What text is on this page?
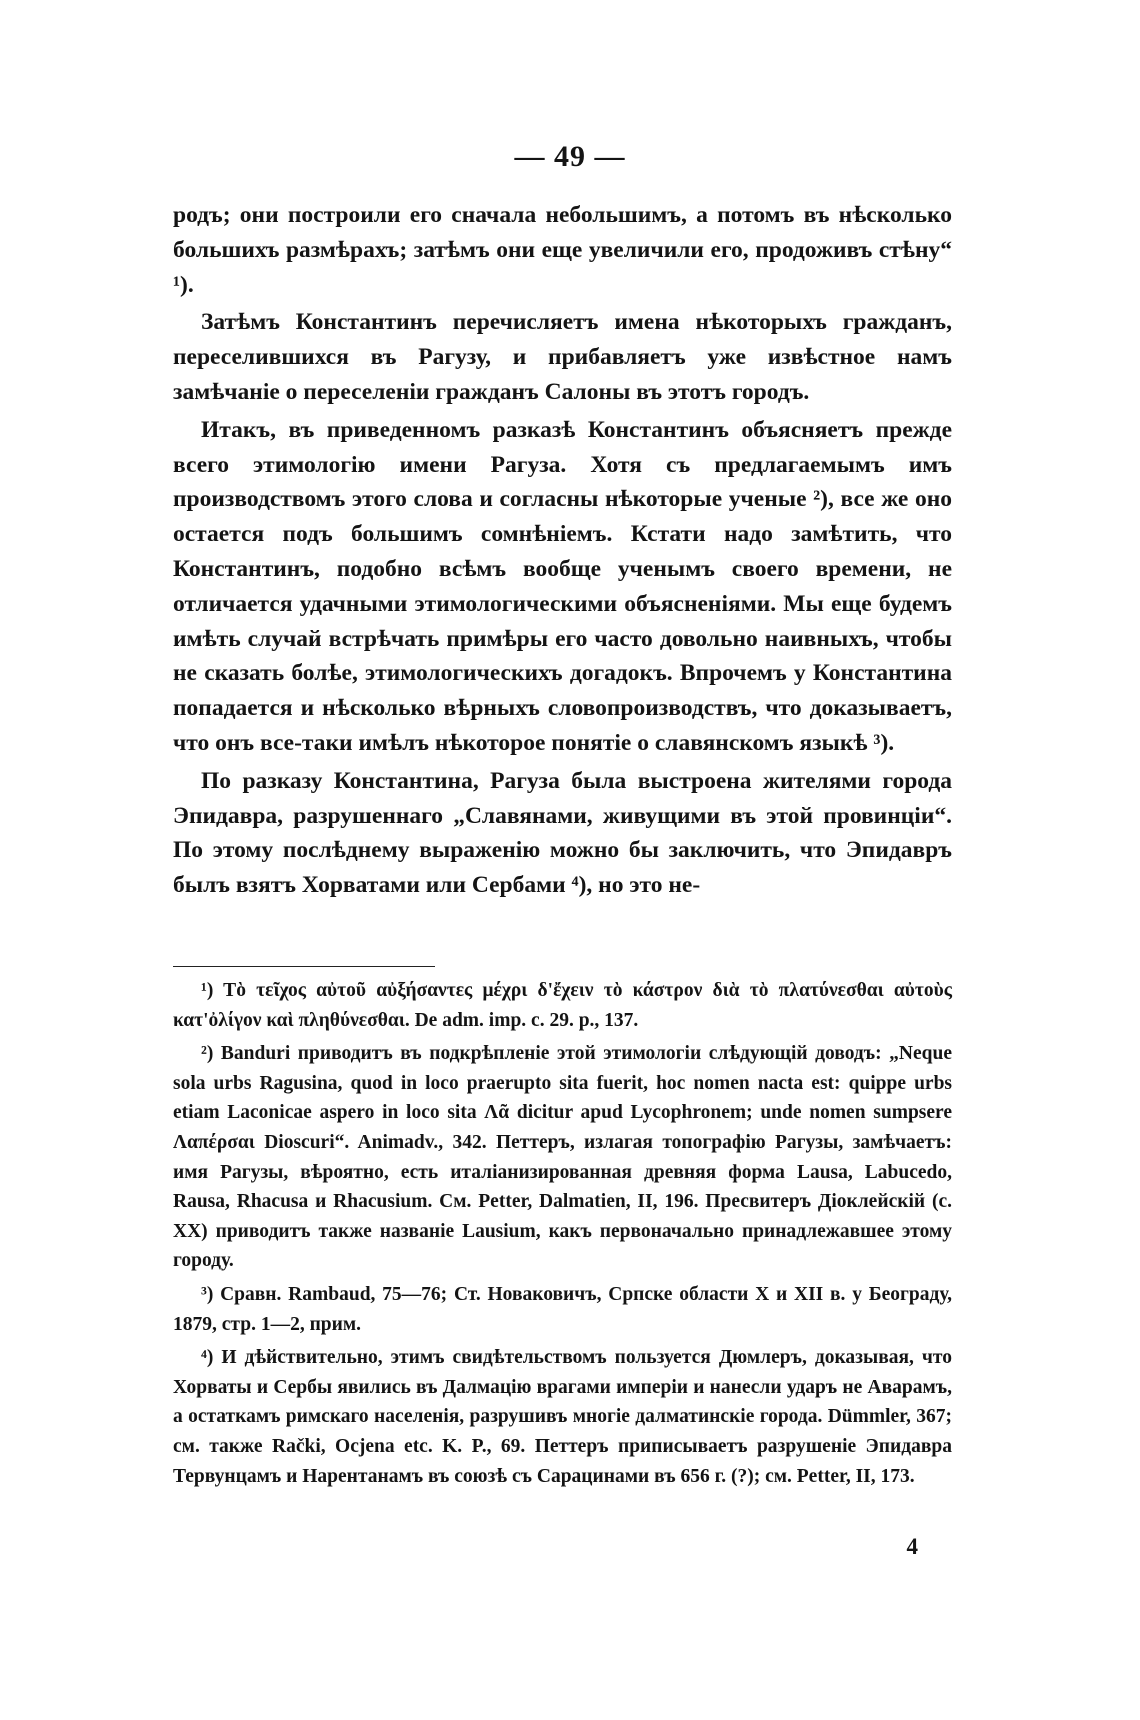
— 49 —

родъ; они построили его сначала небольшимъ, а потомъ въ нѣсколько большихъ размѣрахъ; затѣмъ они еще увеличили его, продоживъ стѣну“ ¹).

Затѣмъ Константинъ перечисляетъ имена нѣкоторыхъ гражданъ, переселившихся въ Рагузу, и прибавляетъ уже извѣстное намъ замѣчаніе о переселеніи гражданъ Салоны въ этотъ городъ.

Итакъ, въ приведенномъ разказѣ Константинъ объясняетъ прежде всего этимологію имени Рагуза. Хотя съ предлагаемымъ имъ производствомъ этого слова и согласны нѣкоторые ученые ²), все же оно остается подъ большимъ сомнѣніемъ. Кстати надо замѣтить, что Константинъ, подобно всѣмъ вообще ученымъ своего времени, не отличается удачными этимологическими объясненіями. Мы еще будемъ имѣть случай встрѣчать примѣры его часто довольно наивныхъ, чтобы не сказать болѣе, этимологическихъ догадокъ. Впрочемъ у Константина попадается и нѣсколько вѣрныхъ словопроизводствъ, что доказываетъ, что онъ все-таки имѣлъ нѣкоторое понятіе о славянскомъ языкѣ ³).

По разказу Константина, Рагуза была выстроена жителями города Эпидавра, разрушеннаго „Славянами, живущими въ этой провинціи“. По этому послѣднему выраженію можно бы заключить, что Эпидавръ былъ взятъ Хорватами или Сербами ⁴), но это не-

¹) Τὸ τεῖχος αὐτοῦ αὐξήσαντες μέχρι δ'ἔχειν τὸ κάστρον διὰ τὸ πλατύνεσθαι αὐτοὺς κατ'ὀλίγον καὶ πληθύνεσθαι. De adm. imp. c. 29. p., 137.

²) Banduri приводитъ въ подкрѣпленіе этой этимологіи слѣдующій доводъ: „Neque sola urbs Ragusina, quod in loco praerupto sita fuerit, hoc nomen nacta est: quippe urbs etiam Laconicae aspero in loco sita Λᾶ dicitur apud Lycophronem; unde nomen sumpsere Λαπέρσαι Dioscuri“. Animadv., 342. Петтеръ, излагая топографію Рагузы, замѣчаетъ: имя Рагузы, вѣроятно, есть италіанизированная древняя форма Lausa, Labucedo, Rausa, Rhacusa и Rhacusium. См. Petter, Dalmatien, II, 196. Пресвитеръ Діоклейскій (c. XX) приводитъ также названіе Lausium, какъ первоначально принадлежавшее этому городу.

³) Сравн. Rambaud, 75—76; Ст. Новаковичъ, Српске области X и XII в. у Београду, 1879, стр. 1—2, прим.

⁴) И дѣйствительно, этимъ свидѣтельствомъ пользуется Дюмлеръ, доказывая, что Хорваты и Сербы явились въ Далмацію врагами имперіи и нанесли ударъ не Аварамъ, а остаткамъ римскаго населенія, разрушивъ многіе далматинскіе города. Dümmler, 367; см. также Rački, Ocjena etc. K. P., 69. Петтеръ приписываетъ разрушеніе Эпидавра Тервунцамъ и Нарентанамъ въ союзѣ съ Сарацинами въ 656 г. (?); см. Petter, II, 173.

4
